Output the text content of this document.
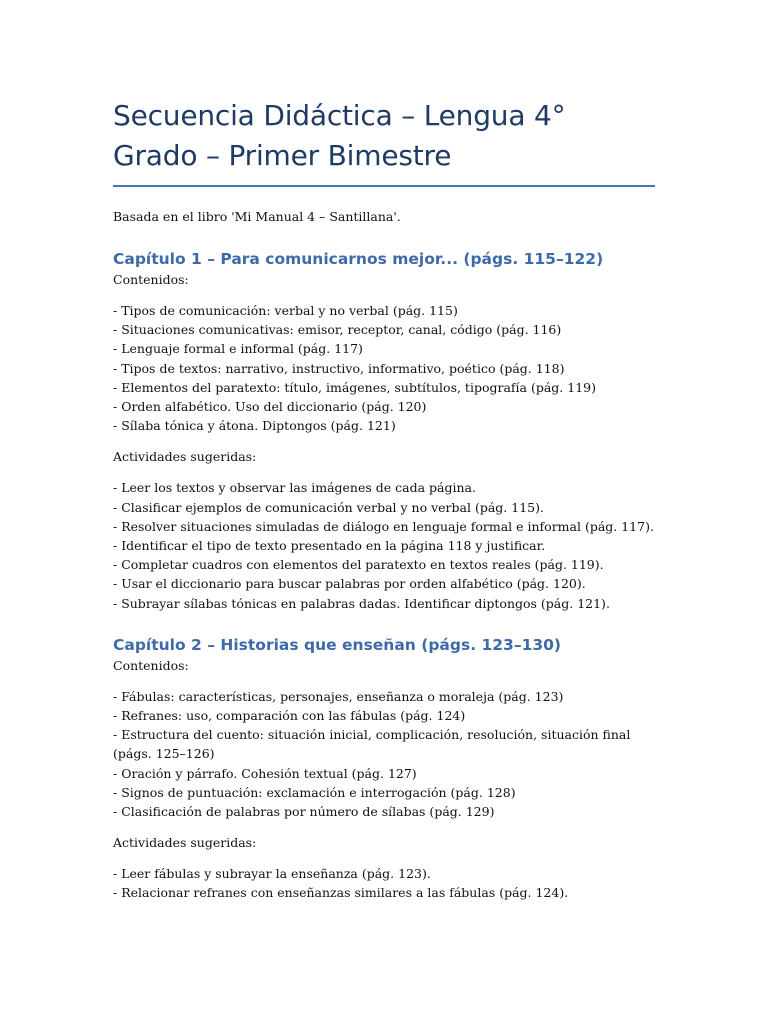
Secuencia Didáctica – Lengua 4° Grado – Primer Bimestre

Basada en el libro 'Mi Manual 4 – Santillana'.

Capítulo 1 – Para comunicarnos mejor... (págs. 115–122)

Contenidos:

- Tipos de comunicación: verbal y no verbal (pág. 115)
- Situaciones comunicativas: emisor, receptor, canal, código (pág. 116)
- Lenguaje formal e informal (pág. 117)
- Tipos de textos: narrativo, instructivo, informativo, poético (pág. 118)
- Elementos del paratexto: título, imágenes, subtítulos, tipografía (pág. 119)
- Orden alfabético. Uso del diccionario (pág. 120)
- Sílaba tónica y átona. Diptongos (pág. 121)

Actividades sugeridas:

- Leer los textos y observar las imágenes de cada página.
- Clasificar ejemplos de comunicación verbal y no verbal (pág. 115).
- Resolver situaciones simuladas de diálogo en lenguaje formal e informal (pág. 117).
- Identificar el tipo de texto presentado en la página 118 y justificar.
- Completar cuadros con elementos del paratexto en textos reales (pág. 119).
- Usar el diccionario para buscar palabras por orden alfabético (pág. 120).
- Subrayar sílabas tónicas en palabras dadas. Identificar diptongos (pág. 121).
Capítulo 2 – Historias que enseñan (págs. 123–130)

Contenidos:

- Fábulas: características, personajes, enseñanza o moraleja (pág. 123)
- Refranes: uso, comparación con las fábulas (pág. 124)
- Estructura del cuento: situación inicial, complicación, resolución, situación final (págs. 125–126)
- Oración y párrafo. Cohesión textual (pág. 127)
- Signos de puntuación: exclamación e interrogación (pág. 128)
- Clasificación de palabras por número de sílabas (pág. 129)

Actividades sugeridas:

- Leer fábulas y subrayar la enseñanza (pág. 123).
- Relacionar refranes con enseñanzas similares a las fábulas (pág. 124).
